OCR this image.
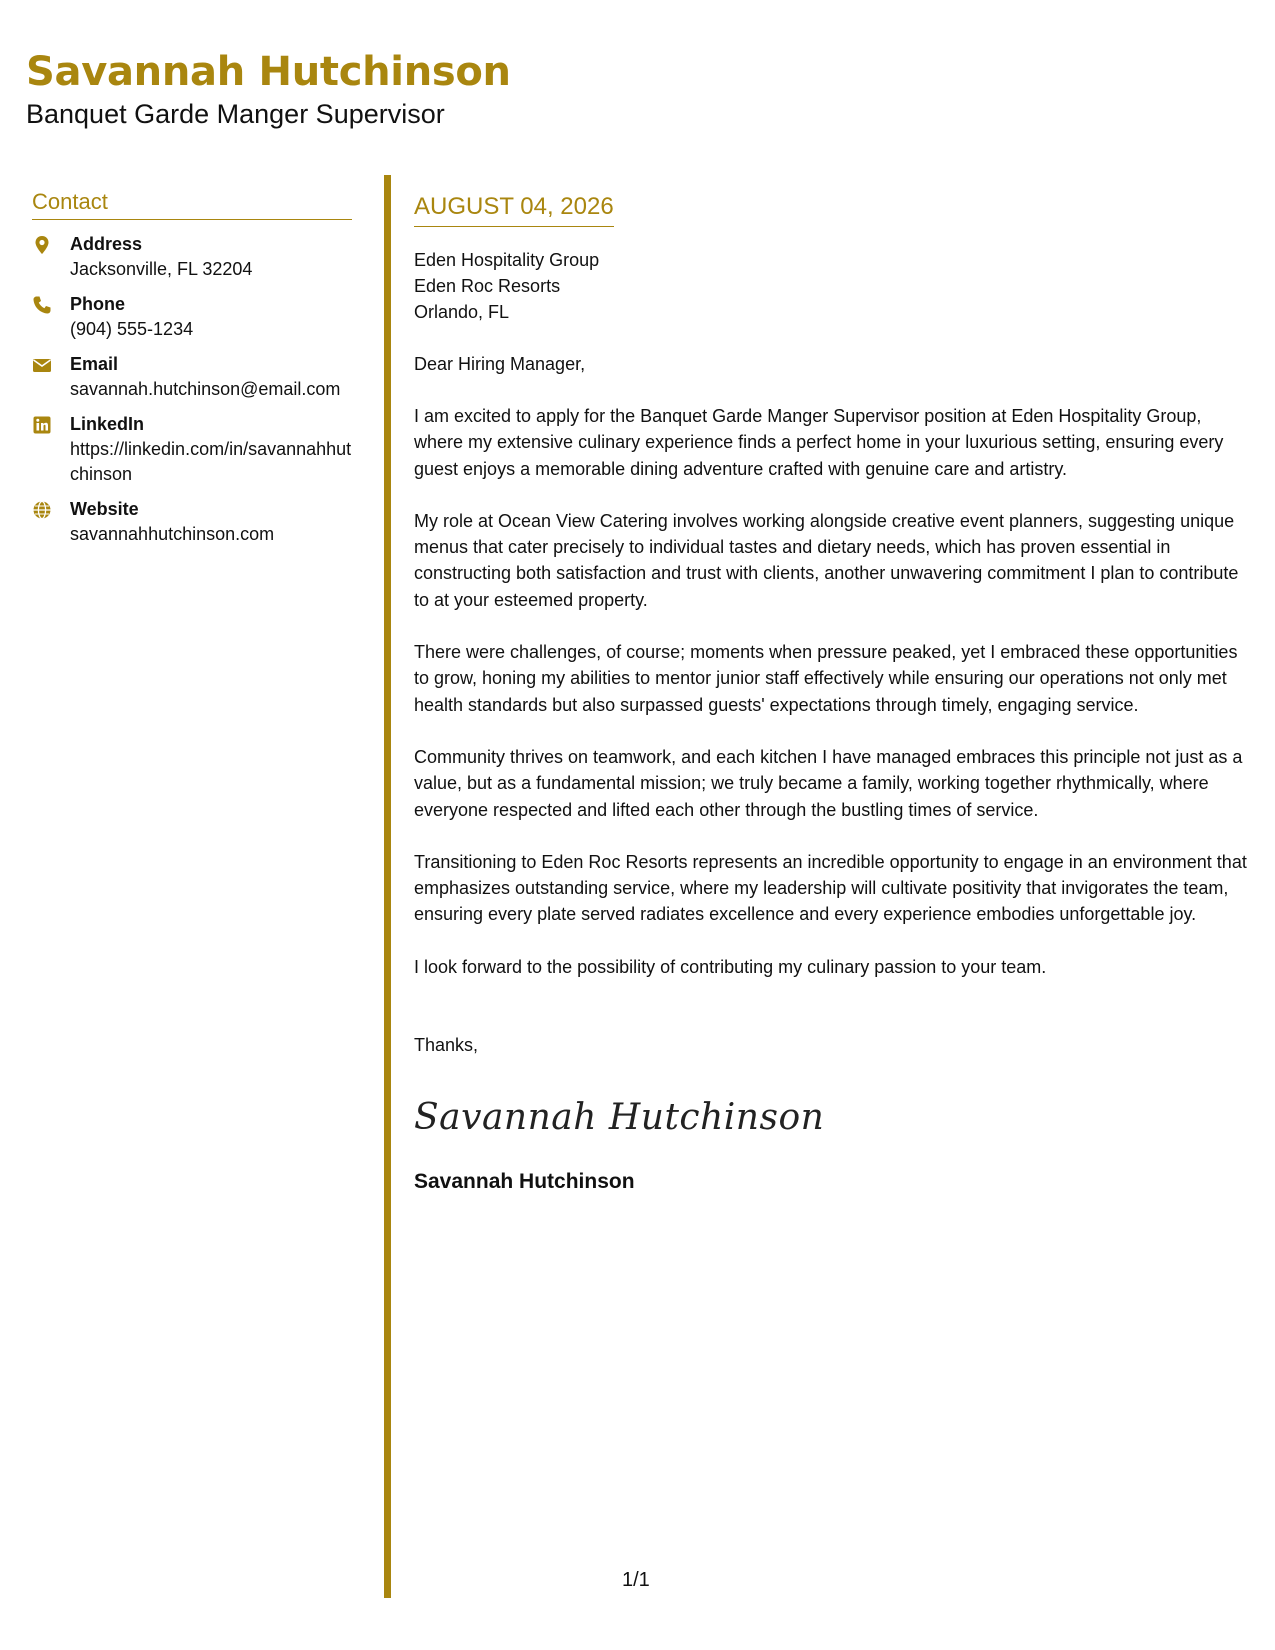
Savannah Hutchinson
Banquet Garde Manger Supervisor
Contact
Address
Jacksonville, FL 32204
Phone
(904) 555-1234
Email
savannah.hutchinson@email.com
LinkedIn
https://linkedin.com/in/savannahhutchinson
Website
savannahhutchinson.com
AUGUST 04, 2026
Eden Hospitality Group
Eden Roc Resorts
Orlando, FL
Dear Hiring Manager,
I am excited to apply for the Banquet Garde Manger Supervisor position at Eden Hospitality Group, where my extensive culinary experience finds a perfect home in your luxurious setting, ensuring every guest enjoys a memorable dining adventure crafted with genuine care and artistry.
My role at Ocean View Catering involves working alongside creative event planners, suggesting unique menus that cater precisely to individual tastes and dietary needs, which has proven essential in constructing both satisfaction and trust with clients, another unwavering commitment I plan to contribute to at your esteemed property.
There were challenges, of course; moments when pressure peaked, yet I embraced these opportunities to grow, honing my abilities to mentor junior staff effectively while ensuring our operations not only met health standards but also surpassed guests' expectations through timely, engaging service.
Community thrives on teamwork, and each kitchen I have managed embraces this principle not just as a value, but as a fundamental mission; we truly became a family, working together rhythmically, where everyone respected and lifted each other through the bustling times of service.
Transitioning to Eden Roc Resorts represents an incredible opportunity to engage in an environment that emphasizes outstanding service, where my leadership will cultivate positivity that invigorates the team, ensuring every plate served radiates excellence and every experience embodies unforgettable joy.
I look forward to the possibility of contributing my culinary passion to your team.
Thanks,
Savannah Hutchinson
Savannah Hutchinson
1/1
